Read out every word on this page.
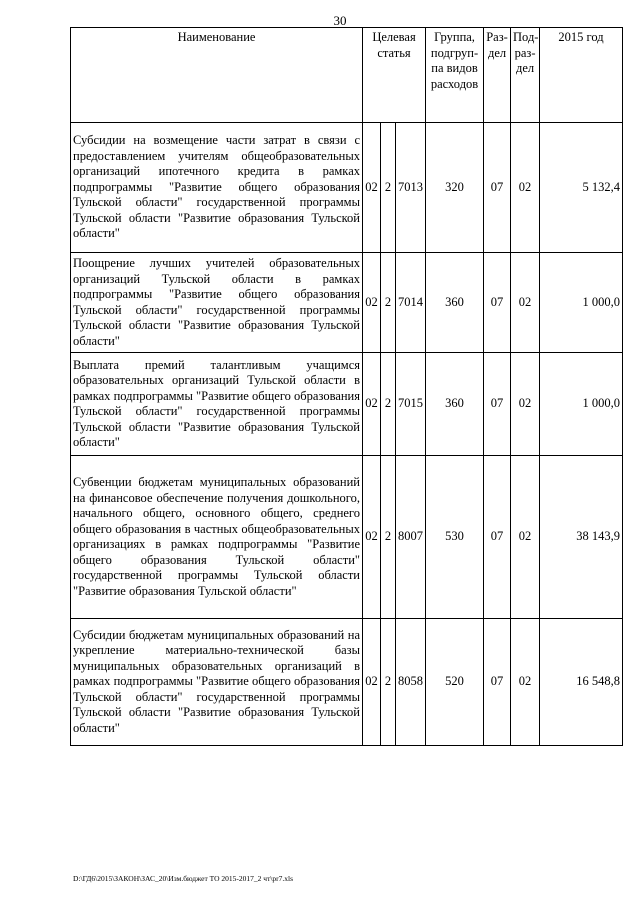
30
Наименование	Целевая статья			Группа, подгруп-па видов расходов	Раз-дел	Под-раз-дел	2015 год
Субсидии на возмещение части затрат в связи с предоставлением учителям общеобразовательных организаций ипотечного кредита в рамках подпрограммы "Развитие общего образования Тульской области" государственной программы Тульской области "Развитие образования Тульской области"	02	2	7013	320	07	02	5 132,4
Поощрение лучших учителей образовательных организаций Тульской области в рамках подпрограммы "Развитие общего образования Тульской области" государственной программы Тульской области "Развитие образования Тульской области"	02	2	7014	360	07	02	1 000,0
Выплата премий талантливым учащимся образовательных организаций Тульской области в рамках подпрограммы "Развитие общего образования Тульской области" государственной программы Тульской области "Развитие образования Тульской области"	02	2	7015	360	07	02	1 000,0
Субвенции бюджетам муниципальных образований на финансовое обеспечение получения дошкольного, начального общего, основного общего, среднего общего образования в частных общеобразовательных организациях в рамках подпрограммы "Развитие общего образования Тульской области" государственной программы Тульской области "Развитие образования Тульской области"	02	2	8007	530	07	02	38 143,9
Субсидии бюджетам муниципальных образований на укрепление материально-технической базы муниципальных образовательных организаций в рамках подпрограммы "Развитие общего образования Тульской области" государственной программы Тульской области "Развитие образования Тульской области"	02	2	8058	520	07	02	16 548,8
D:\ГД6\2015\ЗАКОН\ЗАС_20\Изм.бюджет ТО 2015-2017_2 чт\pr7.xls
